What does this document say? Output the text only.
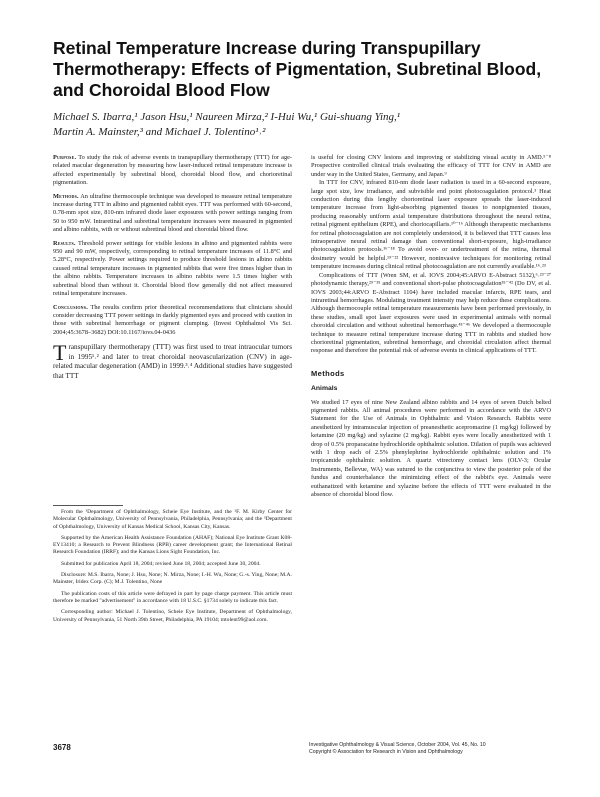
Retinal Temperature Increase during Transpupillary Thermotherapy: Effects of Pigmentation, Subretinal Blood, and Choroidal Blood Flow
Michael S. Ibarra,¹ Jason Hsu,¹ Naureen Mirza,² I-Hui Wu,¹ Gui-shuang Ying,¹
Martin A. Mainster,³ and Michael J. Tolentino¹˒²

Purpose. To study the risk of adverse events in transpupillary thermotherapy (TTT) for age-related macular degeneration by measuring how laser-induced retinal temperature increase is affected experimentally by subretinal blood, choroidal blood flow, and chorioretinal pigmentation.

Methods. An ultrafine thermocouple technique was developed to measure retinal temperature increase during TTT in albino and pigmented rabbit eyes. TTT was performed with 60-second, 0.78-mm spot size, 810-nm infrared diode laser exposures with power settings ranging from 50 to 950 mW. Intraretinal and subretinal temperature increases were measured in pigmented and albino rabbits, with or without subretinal blood and choroidal blood flow.

Results. Threshold power settings for visible lesions in albino and pigmented rabbits were 950 and 90 mW, respectively, corresponding to retinal temperature increases of 11.8°C and 5.28°C, respectively. Power settings required to produce threshold lesions in albino rabbits caused retinal temperature increases in pigmented rabbits that were five times higher than in the albino rabbits. Temperature increases in albino rabbits were 1.5 times higher with subretinal blood than without it. Choroidal blood flow generally did not affect measured retinal temperature increases.

Conclusions. The results confirm prior theoretical recommendations that clinicians should consider decreasing TTT power settings in darkly pigmented eyes and proceed with caution in those with subretinal hemorrhage or pigment clumping. (Invest Ophthalmol Vis Sci. 2004;45:3678–3682) DOI:10.1167/iovs.04-0436

Transpupillary thermotherapy (TTT) was first used to treat intraocular tumors in 1995¹˒² and later to treat choroidal neovascularization (CNV) in age-related macular degeneration (AMD) in 1999.³˒⁴ Additional studies have suggested that TTT

From the ¹Department of Ophthalmology, Scheie Eye Institute, and the ²F. M. Kirby Center for Molecular Ophthalmology, University of Pennsylvania, Philadelphia, Pennsylvania; and the ³Department of Ophthalmology, University of Kansas Medical School, Kansas City, Kansas.

Supported by the American Health Assistance Foundation (AHAF); National Eye Institute Grant K08-EY13410; a Research to Prevent Blindness (RPB) career development grant; the International Retinal Research Foundation (IRRF); and the Kansas Lions Sight Foundation, Inc.

Submitted for publication April 18, 2004; revised June 18, 2004; accepted June 30, 2004.

Disclosure: M.S. Ibarra, None; J. Hsu, None; N. Mirza, None; I.-H. Wu, None; G.-s. Ying, None; M.A. Mainster, Iridex Corp. (C); M.J. Tolentino, None

The publication costs of this article were defrayed in part by page charge payment. This article must therefore be marked "advertisement" in accordance with 18 U.S.C. §1734 solely to indicate this fact.

Corresponding author: Michael J. Tolentino, Scheie Eye Institute, Department of Ophthalmology, University of Pennsylvania, 51 North 39th Street, Philadelphia, PA 19104; mtolent99@aol.com.

is useful for closing CNV lesions and improving or stabilizing visual acuity in AMD.⁵⁻⁸ Prospective controlled clinical trials evaluating the efficacy of TTT for CNV in AMD are under way in the United States, Germany, and Japan.⁹

In TTT for CNV, infrared 810-nm diode laser radiation is used in a 60-second exposure, large spot size, low irradiance, and subvisible end point photocoagulation protocol.³ Heat conduction during this lengthy chorioretinal laser exposure spreads the laser-induced temperature increase from light-absorbing pigmented tissues to nonpigmented tissues, producing reasonably uniform axial temperature distributions throughout the neural retina, retinal pigment epithelium (RPE), and choriocapillaris.¹⁰⁻¹⁶ Although therapeutic mechanisms for retinal photocoagulation are not completely understood, it is believed that TTT causes less intraoperative neural retinal damage than conventional short-exposure, high-irradiance photocoagulation protocols.¹⁶⁻¹⁸ To avoid over- or undertreatment of the retina, thermal dosimetry would be helpful.¹⁹⁻²² However, noninvasive techniques for monitoring retinal temperature increases during clinical retinal photocoagulation are not currently available.¹⁶˒²³

Complications of TTT (Wren SM, et al. IOVS 2004;45:ARVO E-Abstract 5132),⁶˒²³⁻²⁷ photodynamic therapy,²⁹⁻³⁵ and conventional short-pulse photocoagulation³⁵⁻⁴² (Do DV, et al. IOVS 2003;44:ARVO E-Abstract 1104) have included macular infarcts, RPE tears, and intraretinal hemorrhages. Modulating treatment intensity may help reduce these complications. Although thermocouple retinal temperature measurements have been performed previously, in these studies, small spot laser exposures were used in experimental animals with normal choroidal circulation and without subretinal hemorrhage.⁴³⁻⁴⁶ We developed a thermocouple technique to measure retinal temperature increase during TTT in rabbits and studied how chorioretinal pigmentation, subretinal hemorrhage, and choroidal circulation affect thermal response and therefore the potential risk of adverse events in clinical applications of TTT.

Methods
Animals

We studied 17 eyes of nine New Zealand albino rabbits and 14 eyes of seven Dutch belted pigmented rabbits. All animal procedures were performed in accordance with the ARVO Statement for the Use of Animals in Ophthalmic and Vision Research. Rabbits were anesthetized by intramuscular injection of preanesthetic acepromazine (1 mg/kg) followed by ketamine (20 mg/kg) and xylazine (2 mg/kg). Rabbit eyes were locally anesthetized with 1 drop of 0.5% proparacaine hydrochloride ophthalmic solution. Dilation of pupils was achieved with 1 drop each of 2.5% phenylephrine hydrochloride ophthalmic solution and 1% tropicamide ophthalmic solution. A quartz vitrectomy contact lens (OLV-3; Ocular Instruments, Bellevue, WA) was sutured to the conjunctiva to view the posterior pole of the fundus and counterbalance the minimizing effect of the rabbit's eye. Animals were euthanatized with ketamine and xylazine before the effects of TTT were evaluated in the absence of choroidal blood flow.

3678	Investigative Ophthalmology & Visual Science, October 2004, Vol. 45, No. 10
Copyright © Association for Research in Vision and Ophthalmology
